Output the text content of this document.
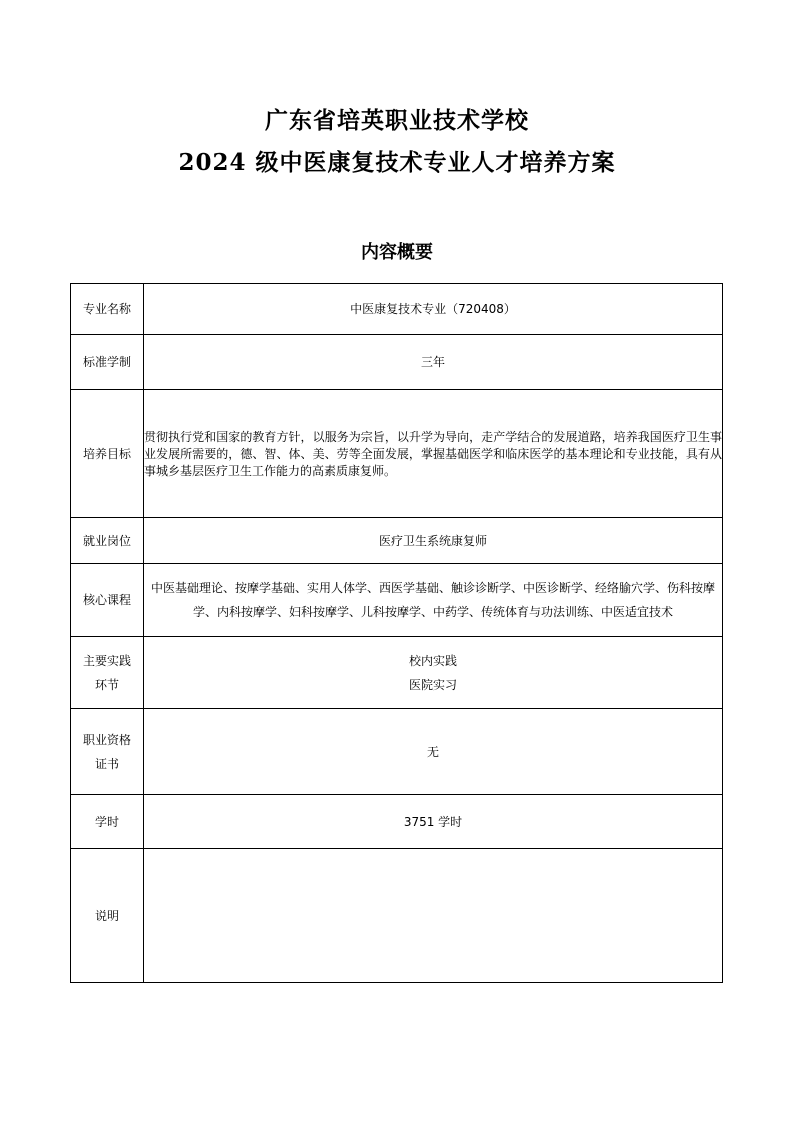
广东省培英职业技术学校
2024 级中医康复技术专业人才培养方案
内容概要
专业名称	中医康复技术专业（720408）
标准学制	三年
培养目标	贯彻执行党和国家的教育方针，以服务为宗旨，以升学为导向，走产学结合的发展道路，培养我国医疗卫生事业发展所需要的，德、智、体、美、劳等全面发展，掌握基础医学和临床医学的基本理论和专业技能，具有从事城乡基层医疗卫生工作能力的高素质康复师。
就业岗位	医疗卫生系统康复师
核心课程	中医基础理论、按摩学基础、实用人体学、西医学基础、触诊诊断学、中医诊断学、经络腧穴学、伤科按摩学、内科按摩学、妇科按摩学、儿科按摩学、中药学、传统体育与功法训练、中医适宜技术

主要实践
环节	校内实践
医院实习

职业资格
证书	无
学时	3751 学时
说明	
